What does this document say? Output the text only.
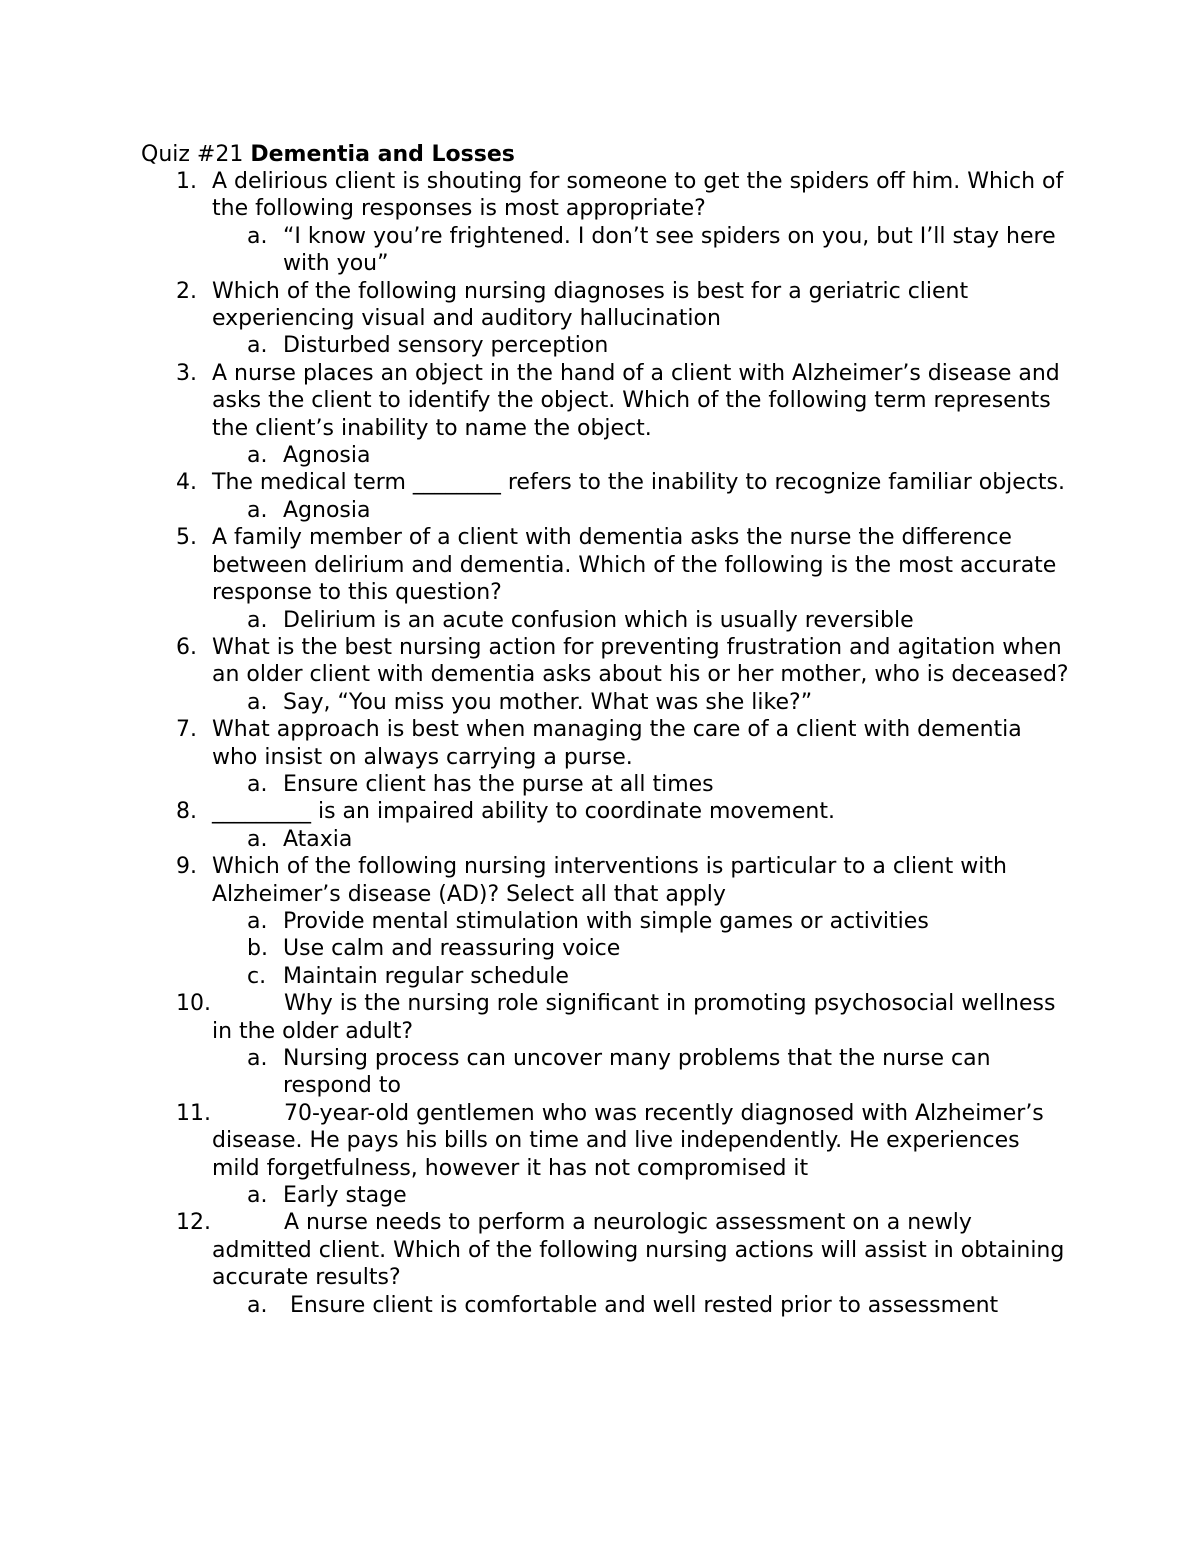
Quiz #21 Dementia and Losses
1. A delirious client is shouting for someone to get the spiders off him. Which of the following responses is most appropriate?
a. “I know you’re frightened. I don’t see spiders on you, but I’ll stay here with you”
2. Which of the following nursing diagnoses is best for a geriatric client experiencing visual and auditory hallucination
a. Disturbed sensory perception
3. A nurse places an object in the hand of a client with Alzheimer’s disease and asks the client to identify the object. Which of the following term represents the client’s inability to name the object.
a. Agnosia
4. The medical term ________ refers to the inability to recognize familiar objects.
a. Agnosia
5. A family member of a client with dementia asks the nurse the difference between delirium and dementia. Which of the following is the most accurate response to this question?
a. Delirium is an acute confusion which is usually reversible
6. What is the best nursing action for preventing frustration and agitation when an older client with dementia asks about his or her mother, who is deceased?
a. Say, “You miss you mother. What was she like?”
7. What approach is best when managing the care of a client with dementia who insist on always carrying a purse.
a. Ensure client has the purse at all times
8. _________ is an impaired ability to coordinate movement.
a. Ataxia
9. Which of the following nursing interventions is particular to a client with Alzheimer’s disease (AD)? Select all that apply
a. Provide mental stimulation with simple games or activities
b. Use calm and reassuring voice
c. Maintain regular schedule
10.	Why is the nursing role significant in promoting psychosocial wellness in the older adult?
a. Nursing process can uncover many problems that the nurse can respond to
11.	70-year-old gentlemen who was recently diagnosed with Alzheimer’s disease. He pays his bills on time and live independently. He experiences mild forgetfulness, however it has not compromised it
a. Early stage
12.	A nurse needs to perform a neurologic assessment on a newly admitted client. Which of the following nursing actions will assist in obtaining accurate results?
a. Ensure client is comfortable and well rested prior to assessment
